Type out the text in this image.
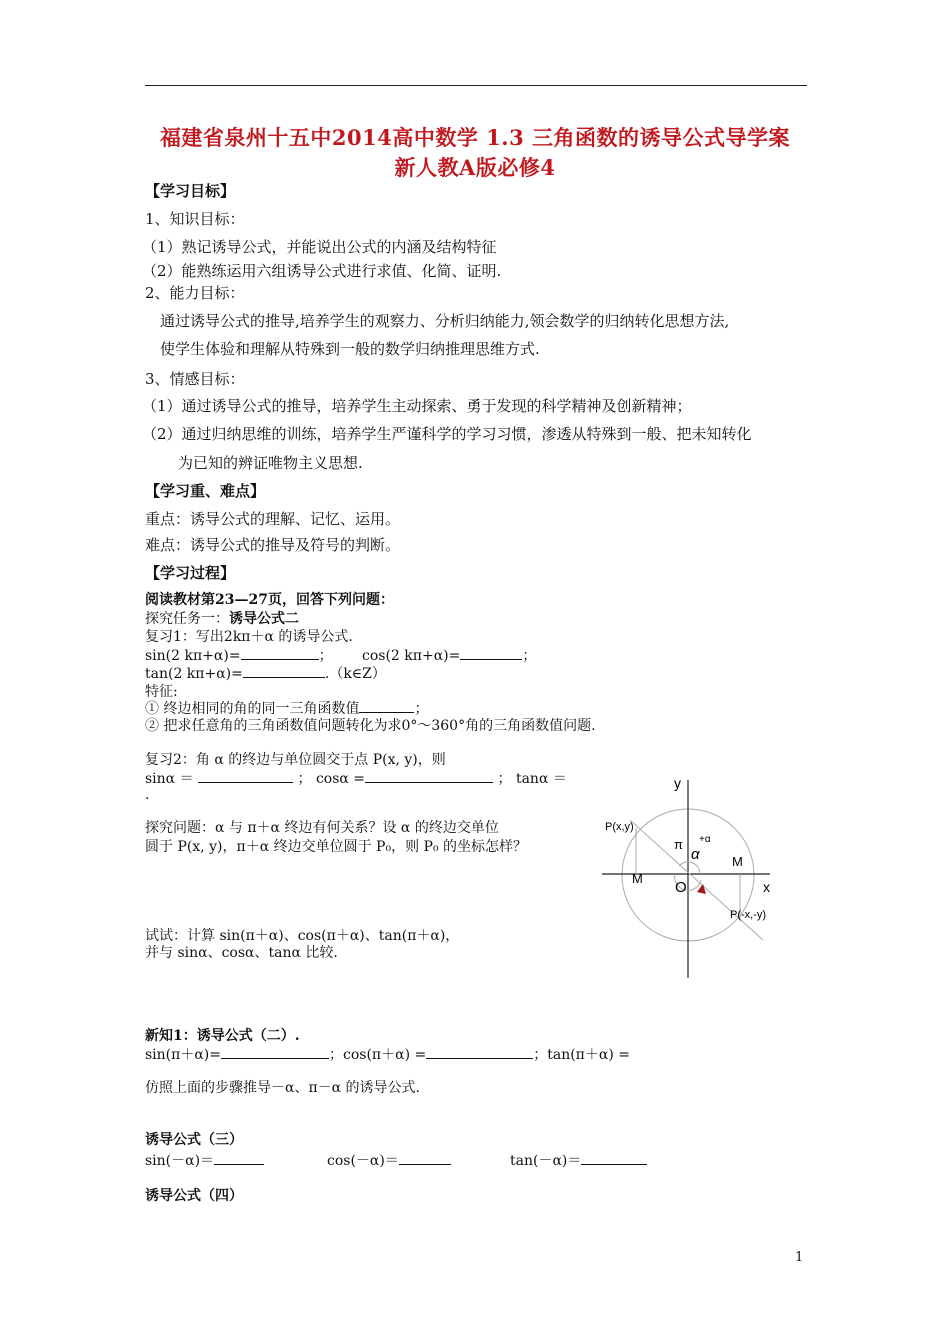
福建省泉州十五中2014高中数学 1.3 三角函数的诱导公式导学案
新人教A版必修4
【学习目标】
1、知识目标：
（1）熟记诱导公式，并能说出公式的内涵及结构特征
（2）能熟练运用六组诱导公式进行求值、化简、证明.
2、能力目标：
通过诱导公式的推导,培养学生的观察力、分析归纳能力,领会数学的归纳转化思想方法,
使学生体验和理解从特殊到一般的数学归纳推理思维方式.
3、情感目标：
（1）通过诱导公式的推导，培养学生主动探索、勇于发现的科学精神及创新精神；
（2）通过归纳思维的训练，培养学生严谨科学的学习习惯，渗透从特殊到一般、把未知转化
为已知的辨证唯物主义思想.
【学习重、难点】
重点：诱导公式的理解、记忆、运用。
难点：诱导公式的推导及符号的判断。
【学习过程】
阅读教材第23—27页，回答下列问题：
探究任务一：诱导公式二
复习1：写出2kπ＋α 的诱导公式.
sin(2 kπ+α)=	； cos(2 kπ+α)=	；
tan(2 kπ+α)=	.（k∈Z）
特征:
① 终边相同的角的同一三角函数值	；
② 把求任意角的三角函数值问题转化为求0°～360°角的三角函数值问题.
复习2：角 α 的终边与单位圆交于点 P(x, y)，则
sinα ＝	； cosα =	； tanα ＝
.
探究问题：α 与 π＋α 终边有何关系？设 α 的终边交单位
圆于 P(x, y)，π＋α 终边交单位圆于 P₀，则 P₀ 的坐标怎样？
试试：计算 sin(π＋α)、cos(π＋α)、tan(π＋α)，
并与 sinα、cosα、tanα 比较.
y
x
O
P(x,y)
P(-x,-y)
M
M
π +α
α
新知1：诱导公式（二）.
sin(π＋α)=	；cos(π＋α) =	；tan(π＋α) =
仿照上面的步骤推导－α、π－α 的诱导公式.
诱导公式（三）
sin(－α)＝	cos(－α)＝	tan(－α)＝
诱导公式（四）
1
